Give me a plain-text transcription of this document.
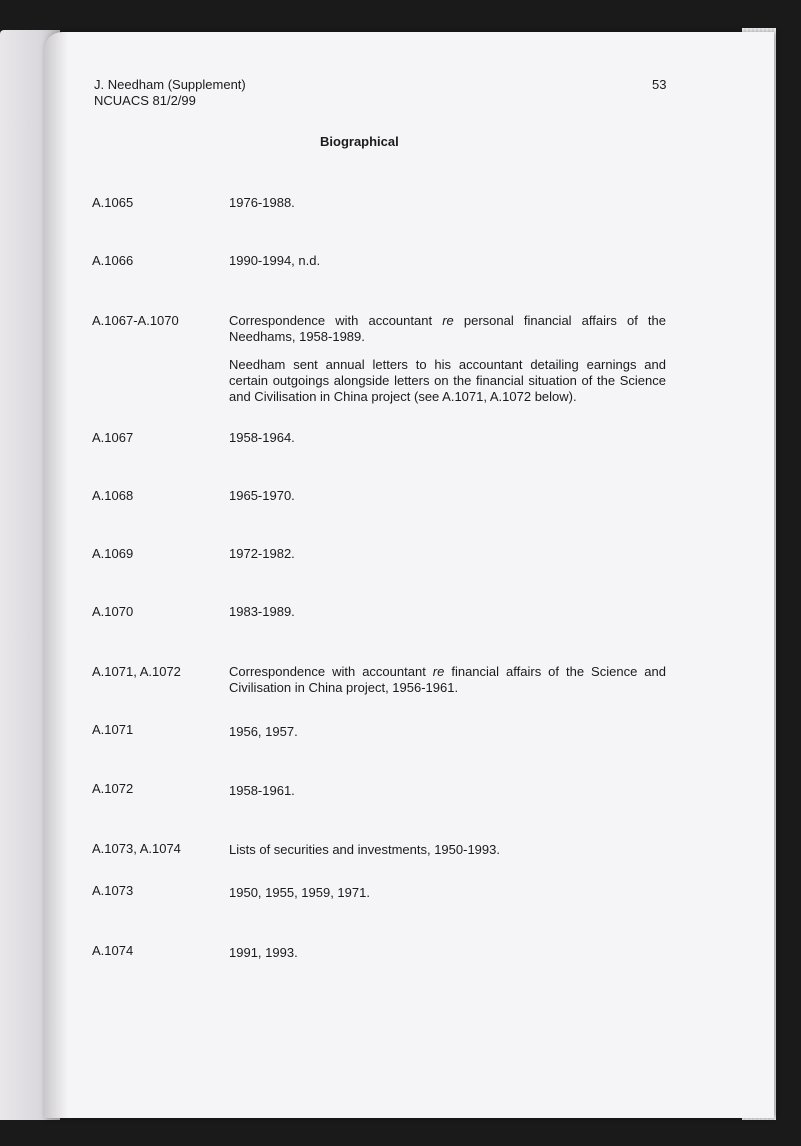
J. Needham (Supplement)
NCUACS 81/2/99
53
Biographical
A.1065	1976-1988.
A.1066	1990-1994, n.d.
A.1067-A.1070	Correspondence with accountant re personal financial affairs of the Needhams, 1958-1989.
Needham sent annual letters to his accountant detailing earnings and certain outgoings alongside letters on the financial situation of the Science and Civilisation in China project (see A.1071, A.1072 below).
A.1067	1958-1964.
A.1068	1965-1970.
A.1069	1972-1982.
A.1070	1983-1989.
A.1071, A.1072	Correspondence with accountant re financial affairs of the Science and Civilisation in China project, 1956-1961.
A.1071	1956, 1957.
A.1072	1958-1961.
A.1073, A.1074	Lists of securities and investments, 1950-1993.
A.1073	1950, 1955, 1959, 1971.
A.1074	1991, 1993.
